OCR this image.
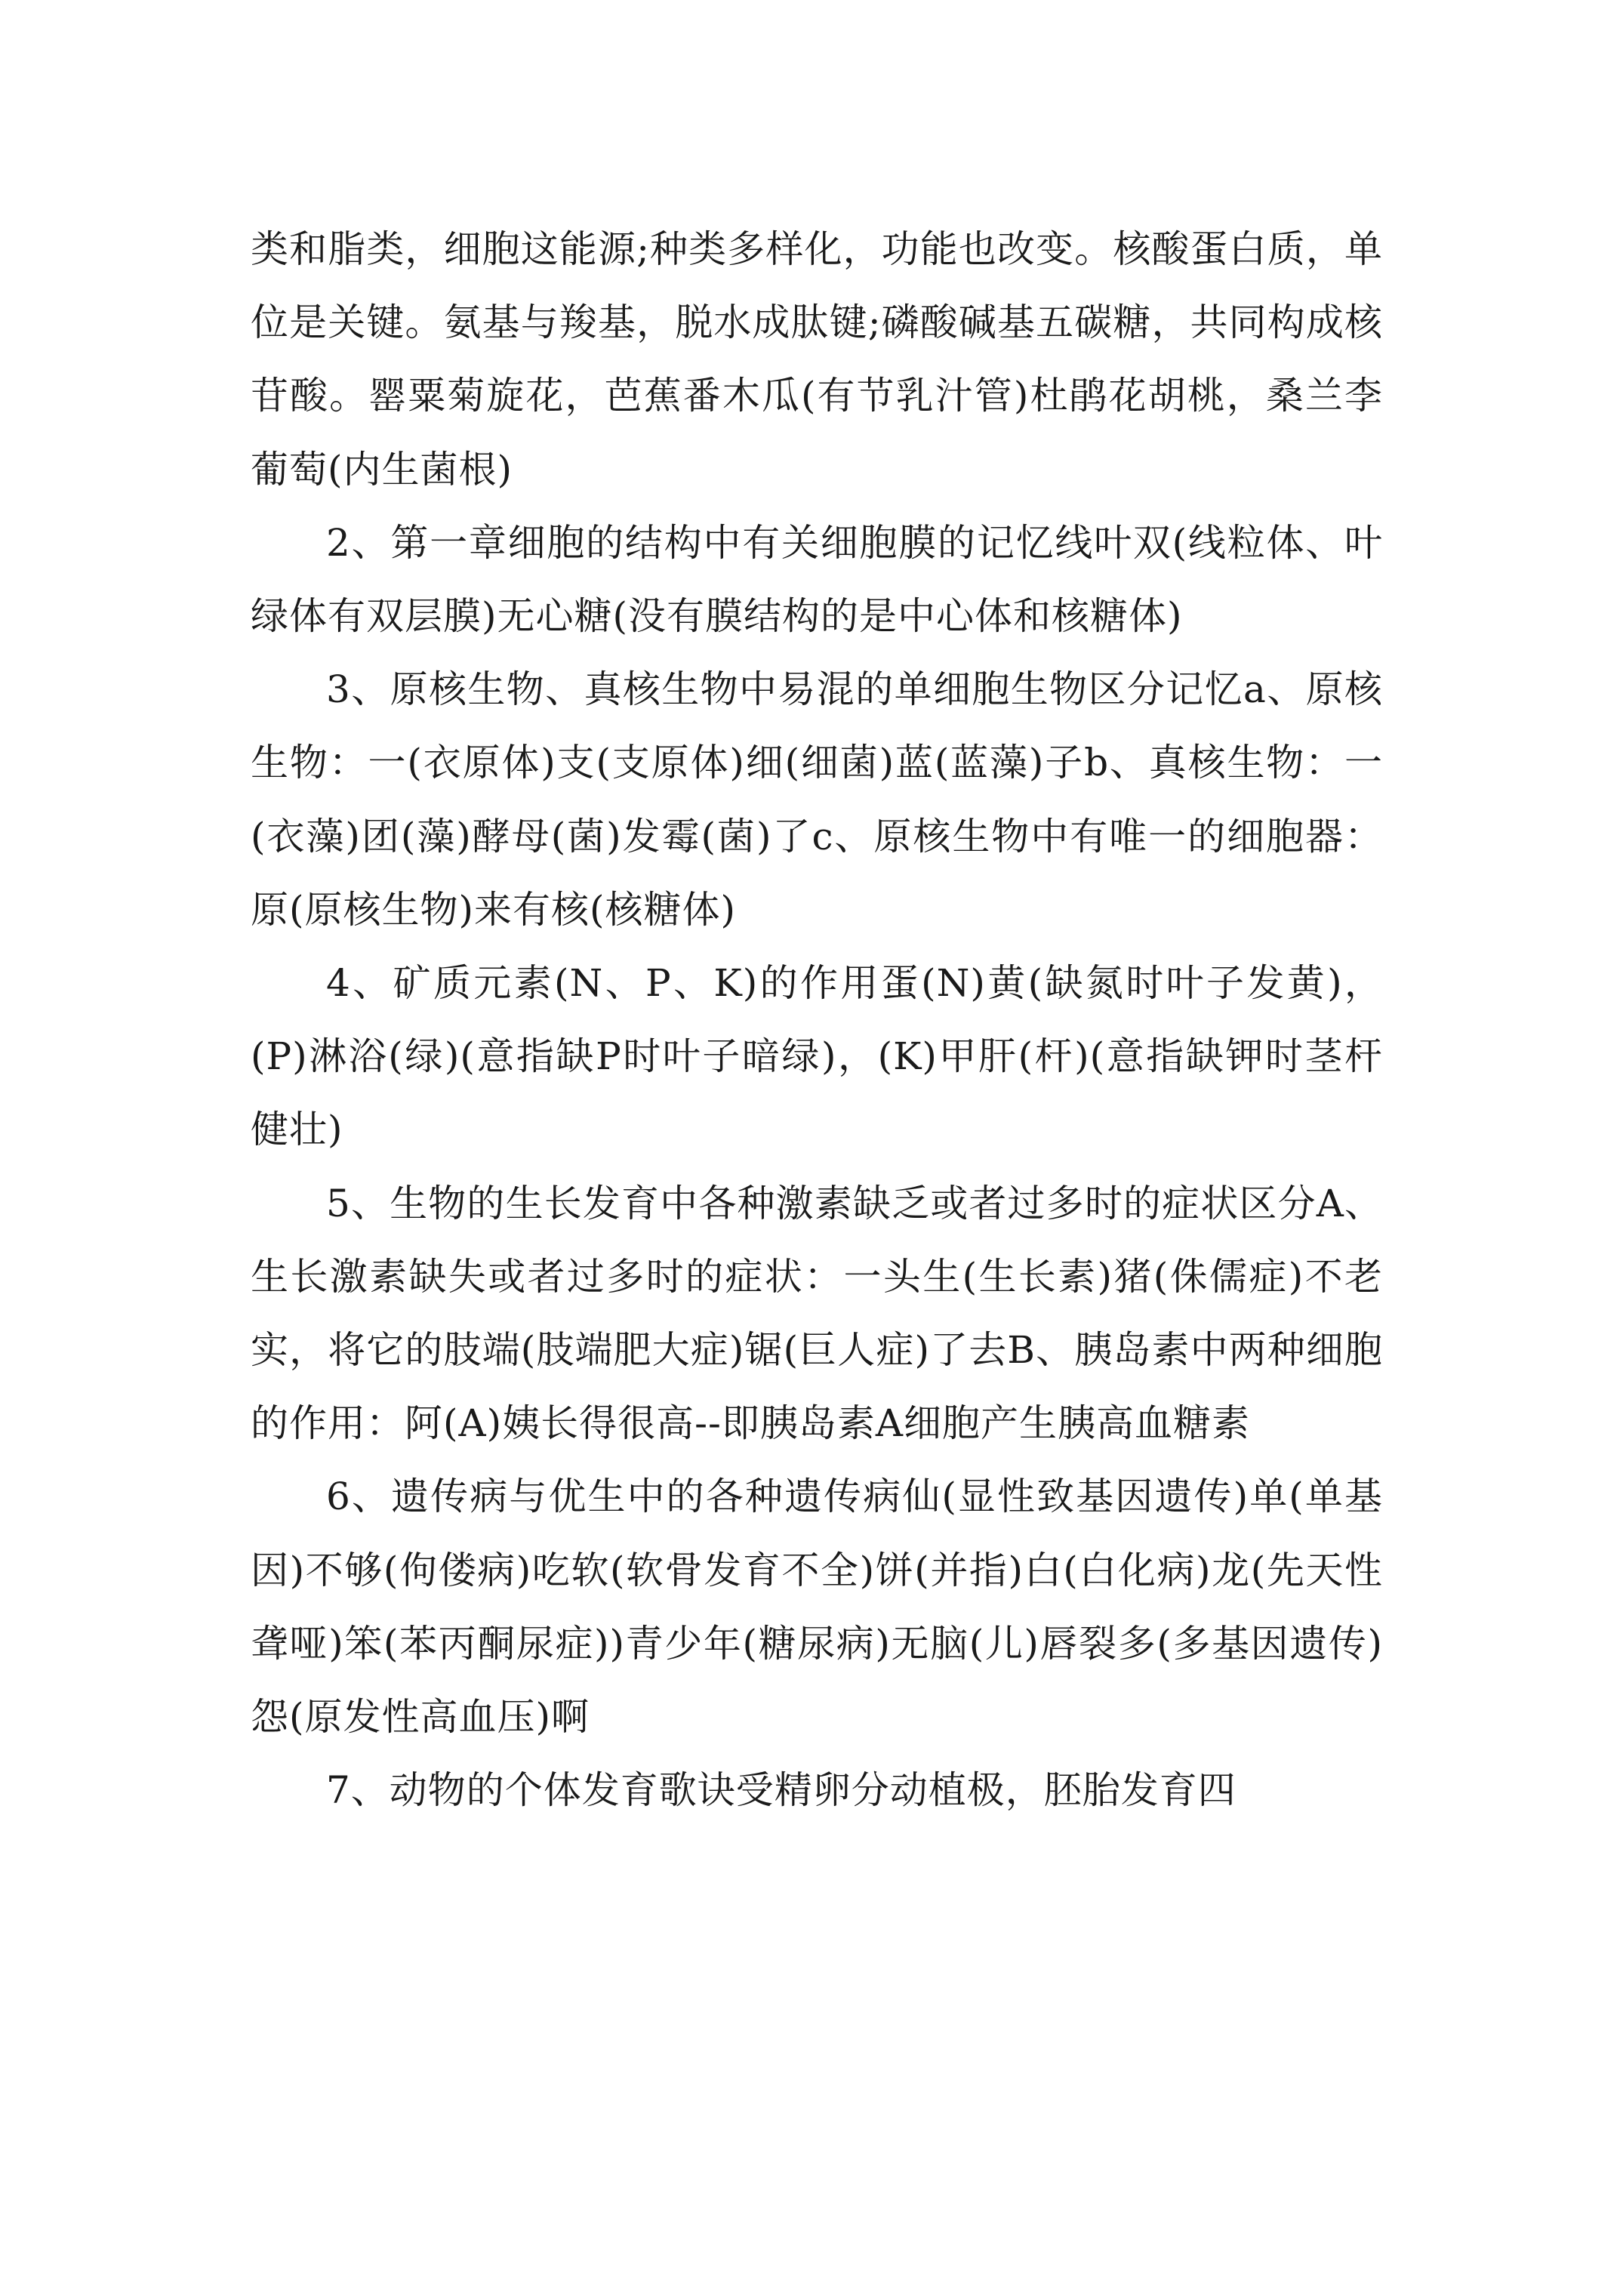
类和脂类，细胞这能源;种类多样化，功能也改变。核酸蛋白质，单位是关键。氨基与羧基，脱水成肽键;磷酸碱基五碳糖，共同构成核苷酸。罂粟菊旋花，芭蕉番木瓜(有节乳汁管)杜鹃花胡桃，桑兰李葡萄(内生菌根)

2、第一章细胞的结构中有关细胞膜的记忆线叶双(线粒体、叶绿体有双层膜)无心糖(没有膜结构的是中心体和核糖体)

3、原核生物、真核生物中易混的单细胞生物区分记忆a、原核生物：一(衣原体)支(支原体)细(细菌)蓝(蓝藻)子b、真核生物：一(衣藻)团(藻)酵母(菌)发霉(菌)了c、原核生物中有唯一的细胞器：原(原核生物)来有核(核糖体)

4、矿质元素(N、P、K)的作用蛋(N)黄(缺氮时叶子发黄)，(P)淋浴(绿)(意指缺P时叶子暗绿)，(K)甲肝(杆)(意指缺钾时茎杆健壮)

5、生物的生长发育中各种激素缺乏或者过多时的症状区分A、生长激素缺失或者过多时的症状：一头生(生长素)猪(侏儒症)不老实，将它的肢端(肢端肥大症)锯(巨人症)了去B、胰岛素中两种细胞的作用：阿(A)姨长得很高--即胰岛素A细胞产生胰高血糖素

6、遗传病与优生中的各种遗传病仙(显性致基因遗传)单(单基因)不够(佝偻病)吃软(软骨发育不全)饼(并指)白(白化病)龙(先天性聋哑)笨(苯丙酮尿症))青少年(糖尿病)无脑(儿)唇裂多(多基因遗传)怨(原发性高血压)啊

7、动物的个体发育歌诀受精卵分动植极，胚胎发育四
